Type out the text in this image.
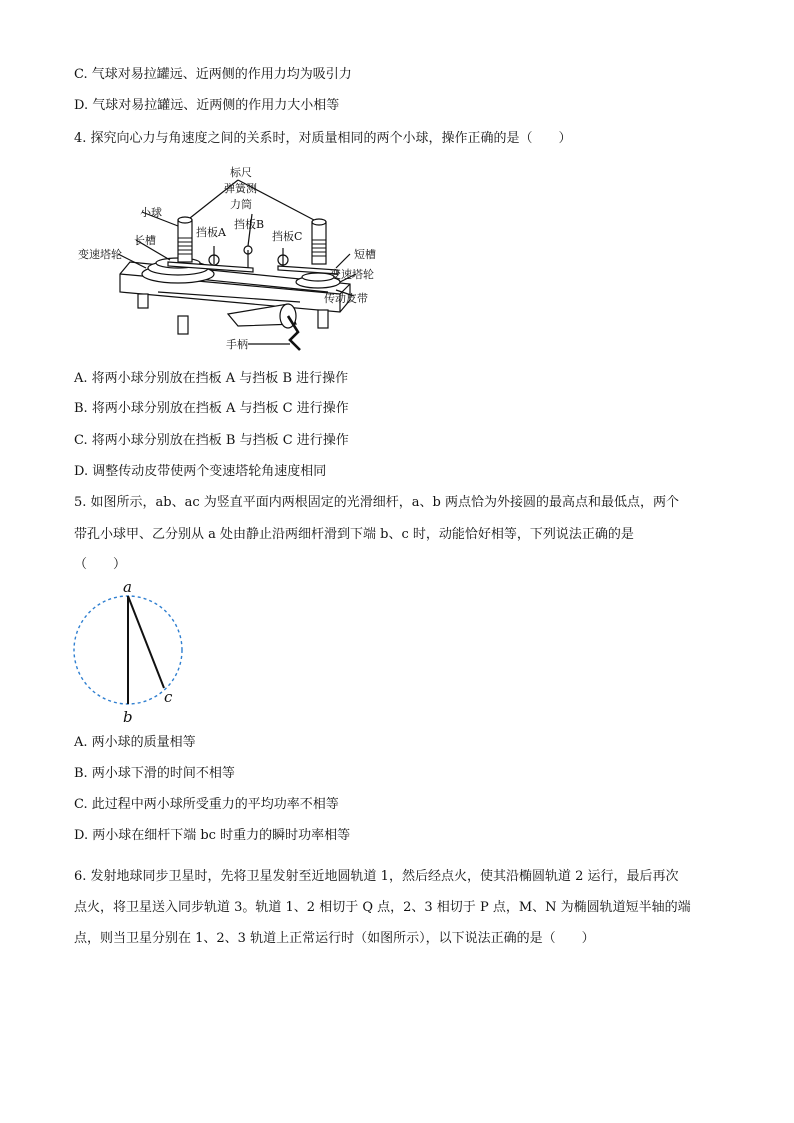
C. 气球对易拉罐远、近两侧的作用力均为吸引力
D. 气球对易拉罐远、近两侧的作用力大小相等
4. 探究向心力与角速度之间的关系时，对质量相同的两个小球，操作正确的是（　　）
标尺
弹簧测
力筒
小球
挡板A
挡板B
挡板C
长槽
短槽
变速塔轮
变速塔轮
传动皮带
手柄
A. 将两小球分别放在挡板 A 与挡板 B 进行操作
B. 将两小球分别放在挡板 A 与挡板 C 进行操作
C. 将两小球分别放在挡板 B 与挡板 C 进行操作
D. 调整传动皮带使两个变速塔轮角速度相同
5. 如图所示，ab、ac 为竖直平面内两根固定的光滑细杆，a、b 两点恰为外接圆的最高点和最低点，两个
带孔小球甲、乙分别从 a 处由静止沿两细杆滑到下端 b、c 时，动能恰好相等，下列说法正确的是
（　　）
a
b
c
A. 两小球的质量相等
B. 两小球下滑的时间不相等
C. 此过程中两小球所受重力的平均功率不相等
D. 两小球在细杆下端 bc 时重力的瞬时功率相等
6. 发射地球同步卫星时，先将卫星发射至近地圆轨道 1，然后经点火，使其沿椭圆轨道 2 运行，最后再次
点火，将卫星送入同步轨道 3。轨道 1、2 相切于 Q 点，2、3 相切于 P 点，M、N 为椭圆轨道短半轴的端
点，则当卫星分别在 1、2、3 轨道上正常运行时（如图所示），以下说法正确的是（　　）
